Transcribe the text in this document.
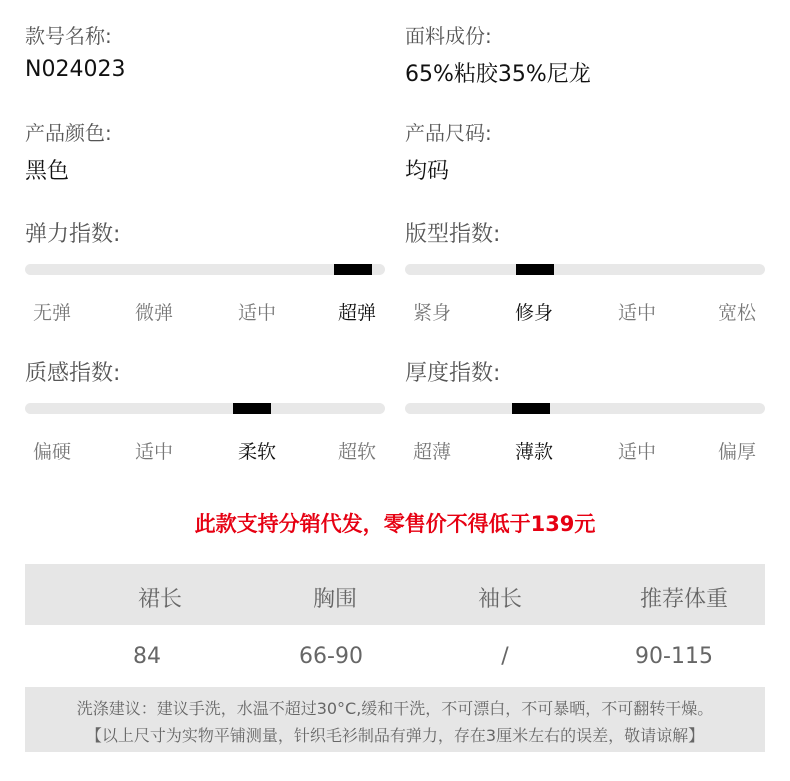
款号名称:
N024023
面料成份:
65%粘胶35%尼龙
产品颜色:
黑色
产品尺码:
均码
弹力指数:
无弹	微弹	适中	超弹
版型指数:
紧身	修身	适中	宽松
质感指数:
偏硬	适中	柔软	超软
厚度指数:
超薄	薄款	适中	偏厚
此款支持分销代发，零售价不得低于139元
裙长	胸围	袖长	推荐体重
84	66-90	/	90-115
洗涤建议：建议手洗，水温不超过30°C,缓和干洗，不可漂白，不可暴晒，不可翻转干燥。
【以上尺寸为实物平铺测量，针织毛衫制品有弹力，存在3厘米左右的误差，敬请谅解】
